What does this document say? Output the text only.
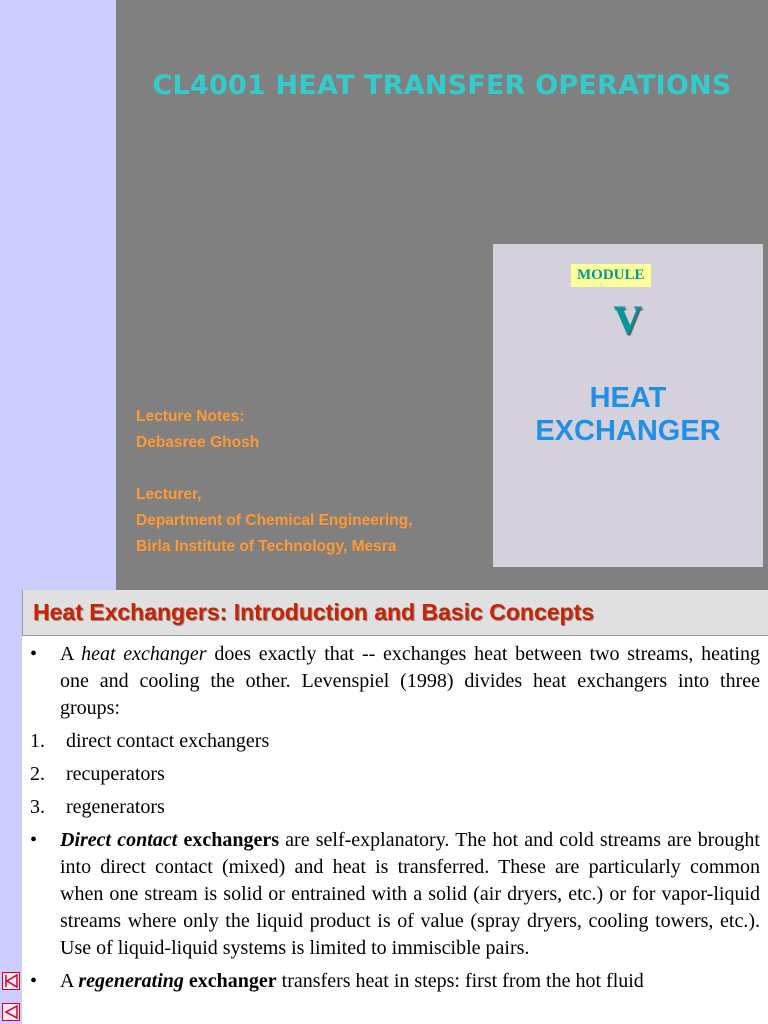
CL4001 HEAT TRANSFER OPERATIONS
Lecture Notes:
Debasree Ghosh
Lecturer,
Department of Chemical Engineering,
Birla Institute of Technology, Mesra
MODULE
V
HEAT
EXCHANGER
Heat Exchangers: Introduction and Basic Concepts
• A heat exchanger does exactly that -- exchanges heat between two streams, heating one and cooling the other. Levenspiel (1998) divides heat exchangers into three groups:
1. direct contact exchangers
2. recuperators
3. regenerators
• Direct contact exchangers are self-explanatory. The hot and cold streams are brought into direct contact (mixed) and heat is transferred. These are particularly common when one stream is solid or entrained with a solid (air dryers, etc.) or for vapor-liquid streams where only the liquid product is of value (spray dryers, cooling towers, etc.). Use of liquid-liquid systems is limited to immiscible pairs.
• A regenerating exchanger transfers heat in steps: first from the hot fluid
